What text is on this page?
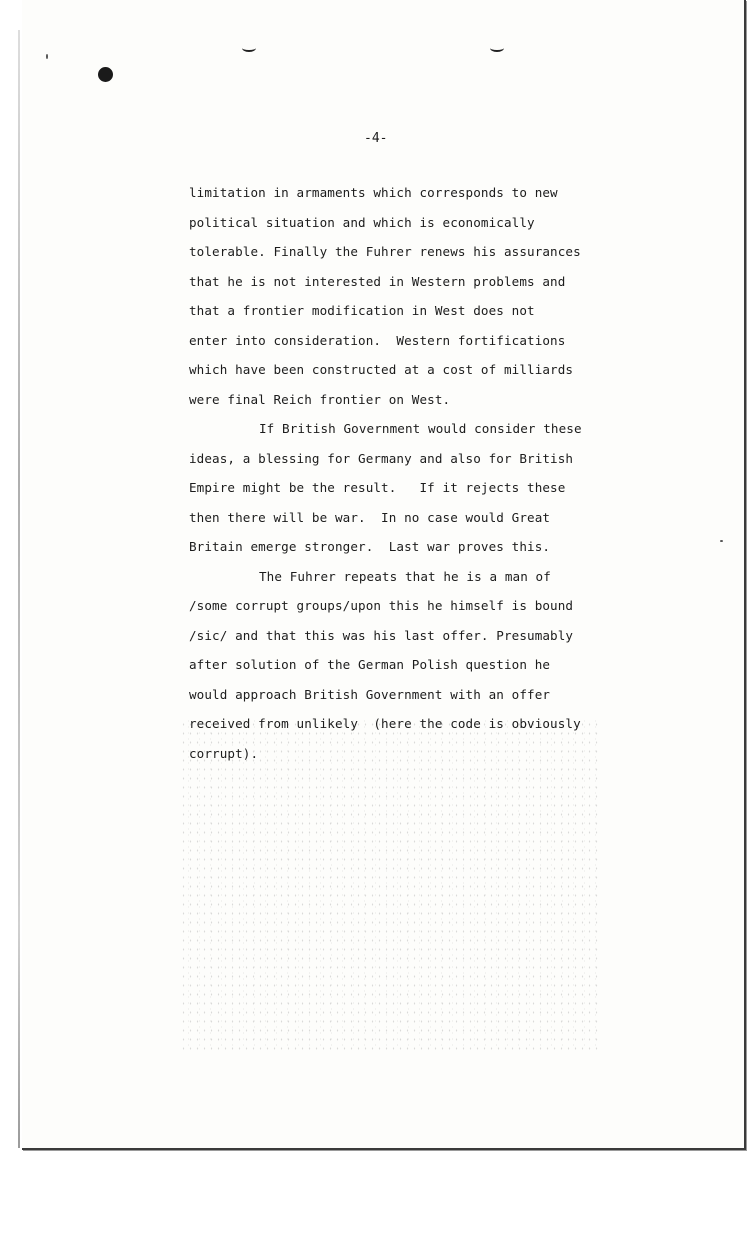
-4-
limitation in armaments which corresponds to new
political situation and which is economically
tolerable. Finally the Fuhrer renews his assurances
that he is not interested in Western problems and
that a frontier modification in West does not
enter into consideration.  Western fortifications
which have been constructed at a cost of milliards
were final Reich frontier on West.
If British Government would consider these
ideas, a blessing for Germany and also for British
Empire might be the result.   If it rejects these
then there will be war.  In no case would Great
Britain emerge stronger.  Last war proves this.
The Fuhrer repeats that he is a man of
/some corrupt groups/upon this he himself is bound
/sic/ and that this was his last offer. Presumably
after solution of the German Polish question he
would approach British Government with an offer
received from unlikely  (here the code is obviously
corrupt).
